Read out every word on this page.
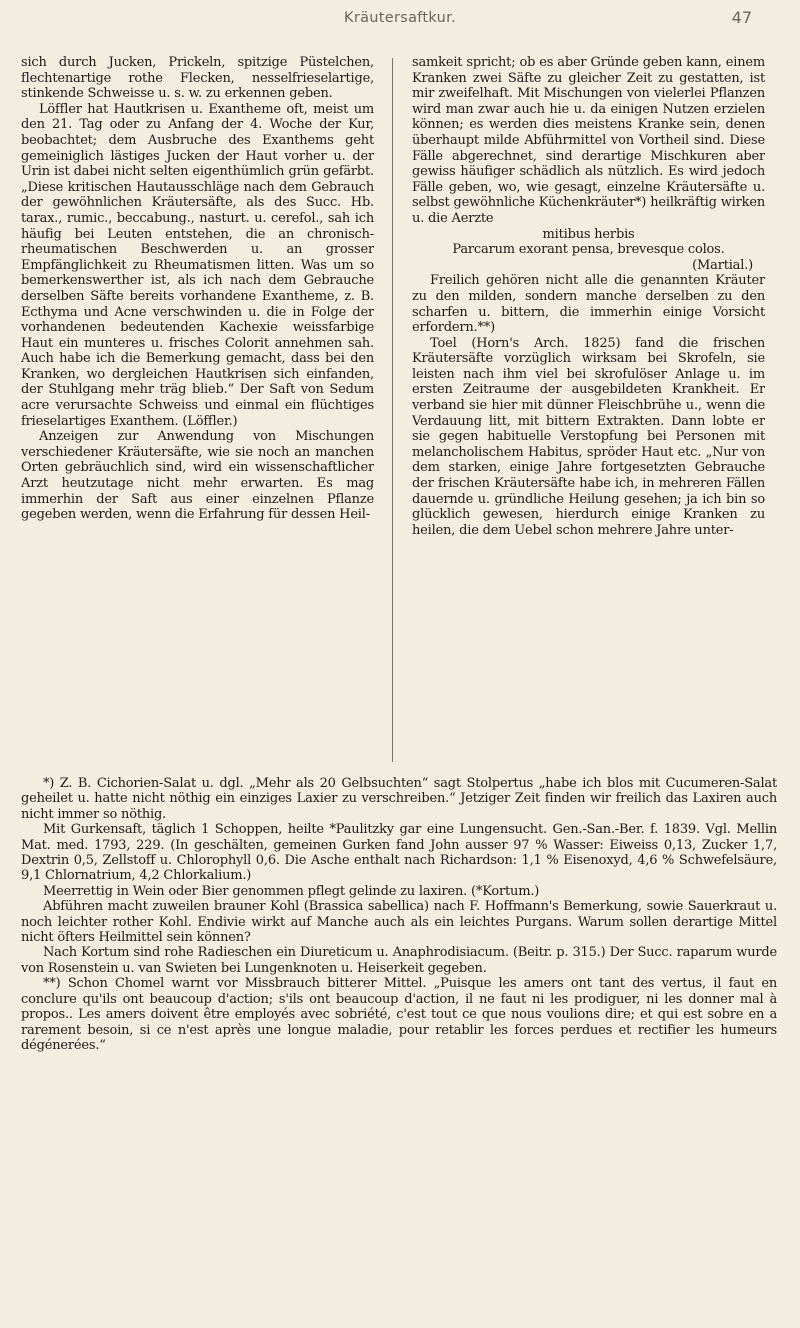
Kräutersaftkur.	47

sich durch Jucken, Prickeln, spitzige Püstelchen, flechtenartige rothe Flecken, nesselfrieselartige, stinkende Schweisse u. s. w. zu erkennen geben.

Löffler hat Hautkrisen u. Exantheme oft, meist um den 21. Tag oder zu Anfang der 4. Woche der Kur, beobachtet; dem Ausbruche des Exanthems geht gemeiniglich lästiges Jucken der Haut vorher u. der Urin ist dabei nicht selten eigenthümlich grün gefärbt. „Diese kritischen Hautausschläge nach dem Gebrauch der gewöhnlichen Kräutersäfte, als des Succ. Hb. tarax., rumic., beccabung., nasturt. u. cerefol., sah ich häufig bei Leuten entstehen, die an chronisch-rheumatischen Beschwerden u. an grosser Empfänglichkeit zu Rheumatismen litten. Was um so bemerkenswerther ist, als ich nach dem Gebrauche derselben Säfte bereits vorhandene Exantheme, z. B. Ecthyma und Acne verschwinden u. die in Folge der vorhandenen bedeutenden Kachexie weissfarbige Haut ein munteres u. frisches Colorit annehmen sah. Auch habe ich die Bemerkung gemacht, dass bei den Kranken, wo dergleichen Hautkrisen sich einfanden, der Stuhlgang mehr träg blieb.“ Der Saft von Sedum acre verursachte Schweiss und einmal ein flüchtiges frieselartiges Exanthem. (Löffler.)

Anzeigen zur Anwendung von Mischungen verschiedener Kräutersäfte, wie sie noch an manchen Orten gebräuchlich sind, wird ein wissenschaftlicher Arzt heutzutage nicht mehr erwarten. Es mag immerhin der Saft aus einer einzelnen Pflanze gegeben werden, wenn die Erfahrung für dessen Heil-

samkeit spricht; ob es aber Gründe geben kann, einem Kranken zwei Säfte zu gleicher Zeit zu gestatten, ist mir zweifelhaft. Mit Mischungen von vielerlei Pflanzen wird man zwar auch hie u. da einigen Nutzen erzielen können; es werden dies meistens Kranke sein, denen überhaupt milde Abführmittel von Vortheil sind. Diese Fälle abgerechnet, sind derartige Mischkuren aber gewiss häufiger schädlich als nützlich. Es wird jedoch Fälle geben, wo, wie gesagt, einzelne Kräutersäfte u. selbst gewöhnliche Küchenkräuter*) heilkräftig wirken u. die Aerzte

mitibus herbis

Parcarum exorant pensa, brevesque colos.

(Martial.)

Freilich gehören nicht alle die genannten Kräuter zu den milden, sondern manche derselben zu den scharfen u. bittern, die immerhin einige Vorsicht erfordern.**)

Toel (Horn's Arch. 1825) fand die frischen Kräutersäfte vorzüglich wirksam bei Skrofeln, sie leisten nach ihm viel bei skrofulöser Anlage u. im ersten Zeitraume der ausgebildeten Krankheit. Er verband sie hier mit dünner Fleischbrühe u., wenn die Verdauung litt, mit bittern Extrakten. Dann lobte er sie gegen habituelle Verstopfung bei Personen mit melancholischem Habitus, spröder Haut etc. „Nur von dem starken, einige Jahre fortgesetzten Gebrauche der frischen Kräutersäfte habe ich, in mehreren Fällen dauernde u. gründliche Heilung gesehen; ja ich bin so glücklich gewesen, hierdurch einige Kranken zu heilen, die dem Uebel schon mehrere Jahre unter-

*) Z. B. Cichorien-Salat u. dgl. „Mehr als 20 Gelbsuchten“ sagt Stolpertus „habe ich blos mit Cucumeren-Salat geheilet u. hatte nicht nöthig ein einziges Laxier zu verschreiben.“ Jetziger Zeit finden wir freilich das Laxiren auch nicht immer so nöthig.

Mit Gurkensaft, täglich 1 Schoppen, heilte *Paulitzky gar eine Lungensucht. Gen.-San.-Ber. f. 1839. Vgl. Mellin Mat. med. 1793, 229. (In geschälten, gemeinen Gurken fand John ausser 97 % Wasser: Eiweiss 0,13, Zucker 1,7, Dextrin 0,5, Zellstoff u. Chlorophyll 0,6. Die Asche enthalt nach Richardson: 1,1 % Eisenoxyd, 4,6 % Schwefelsäure, 9,1 Chlornatrium, 4,2 Chlorkalium.)

Meerrettig in Wein oder Bier genommen pflegt gelinde zu laxiren. (*Kortum.)

Abführen macht zuweilen brauner Kohl (Brassica sabellica) nach F. Hoffmann's Bemerkung, sowie Sauerkraut u. noch leichter rother Kohl. Endivie wirkt auf Manche auch als ein leichtes Purgans. Warum sollen derartige Mittel nicht öfters Heilmittel sein können?

Nach Kortum sind rohe Radieschen ein Diureticum u. Anaphrodisiacum. (Beitr. p. 315.) Der Succ. raparum wurde von Rosenstein u. van Swieten bei Lungenknoten u. Heiserkeit gegeben.

**) Schon Chomel warnt vor Missbrauch bitterer Mittel. „Puisque les amers ont tant des vertus, il faut en conclure qu'ils ont beaucoup d'action; s'ils ont beaucoup d'action, il ne faut ni les prodiguer, ni les donner mal à propos.. Les amers doivent être employés avec sobriété, c'est tout ce que nous voulions dire; et qui est sobre en a rarement besoin, si ce n'est après une longue maladie, pour retablir les forces perdues et rectifier les humeurs dégénerées.“
